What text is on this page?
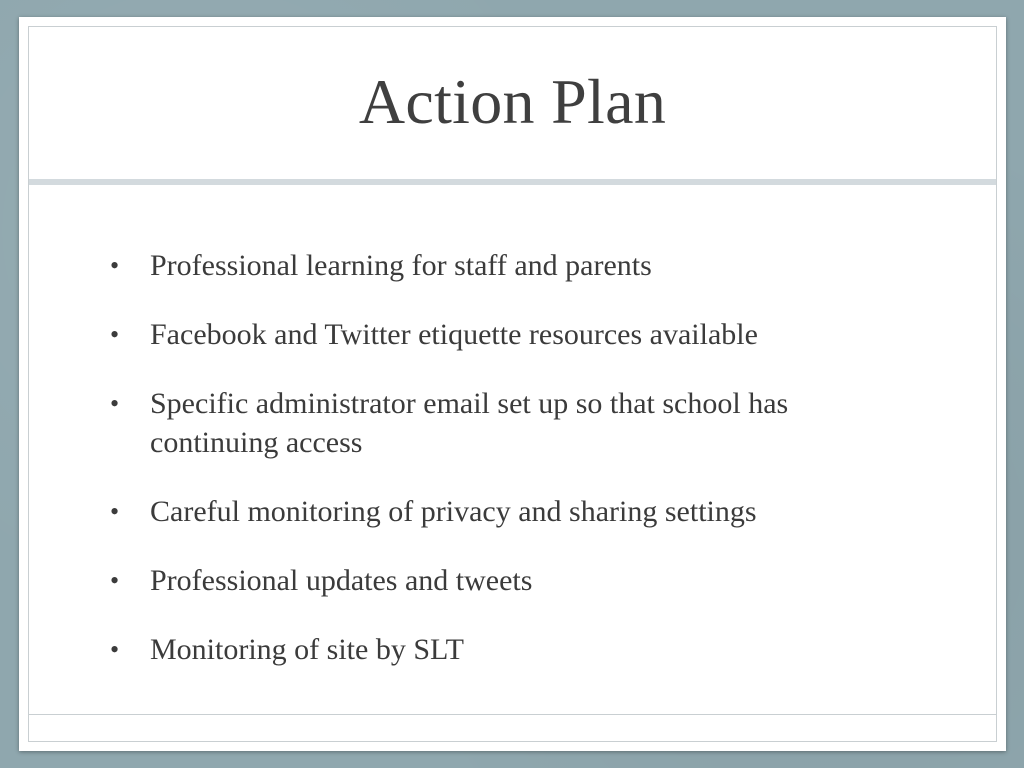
Action Plan
• Professional learning for staff and parents
• Facebook and Twitter etiquette resources available
• Specific administrator email set up so that school has continuing access
• Careful monitoring of privacy and sharing settings
• Professional updates and tweets
• Monitoring of site by SLT
